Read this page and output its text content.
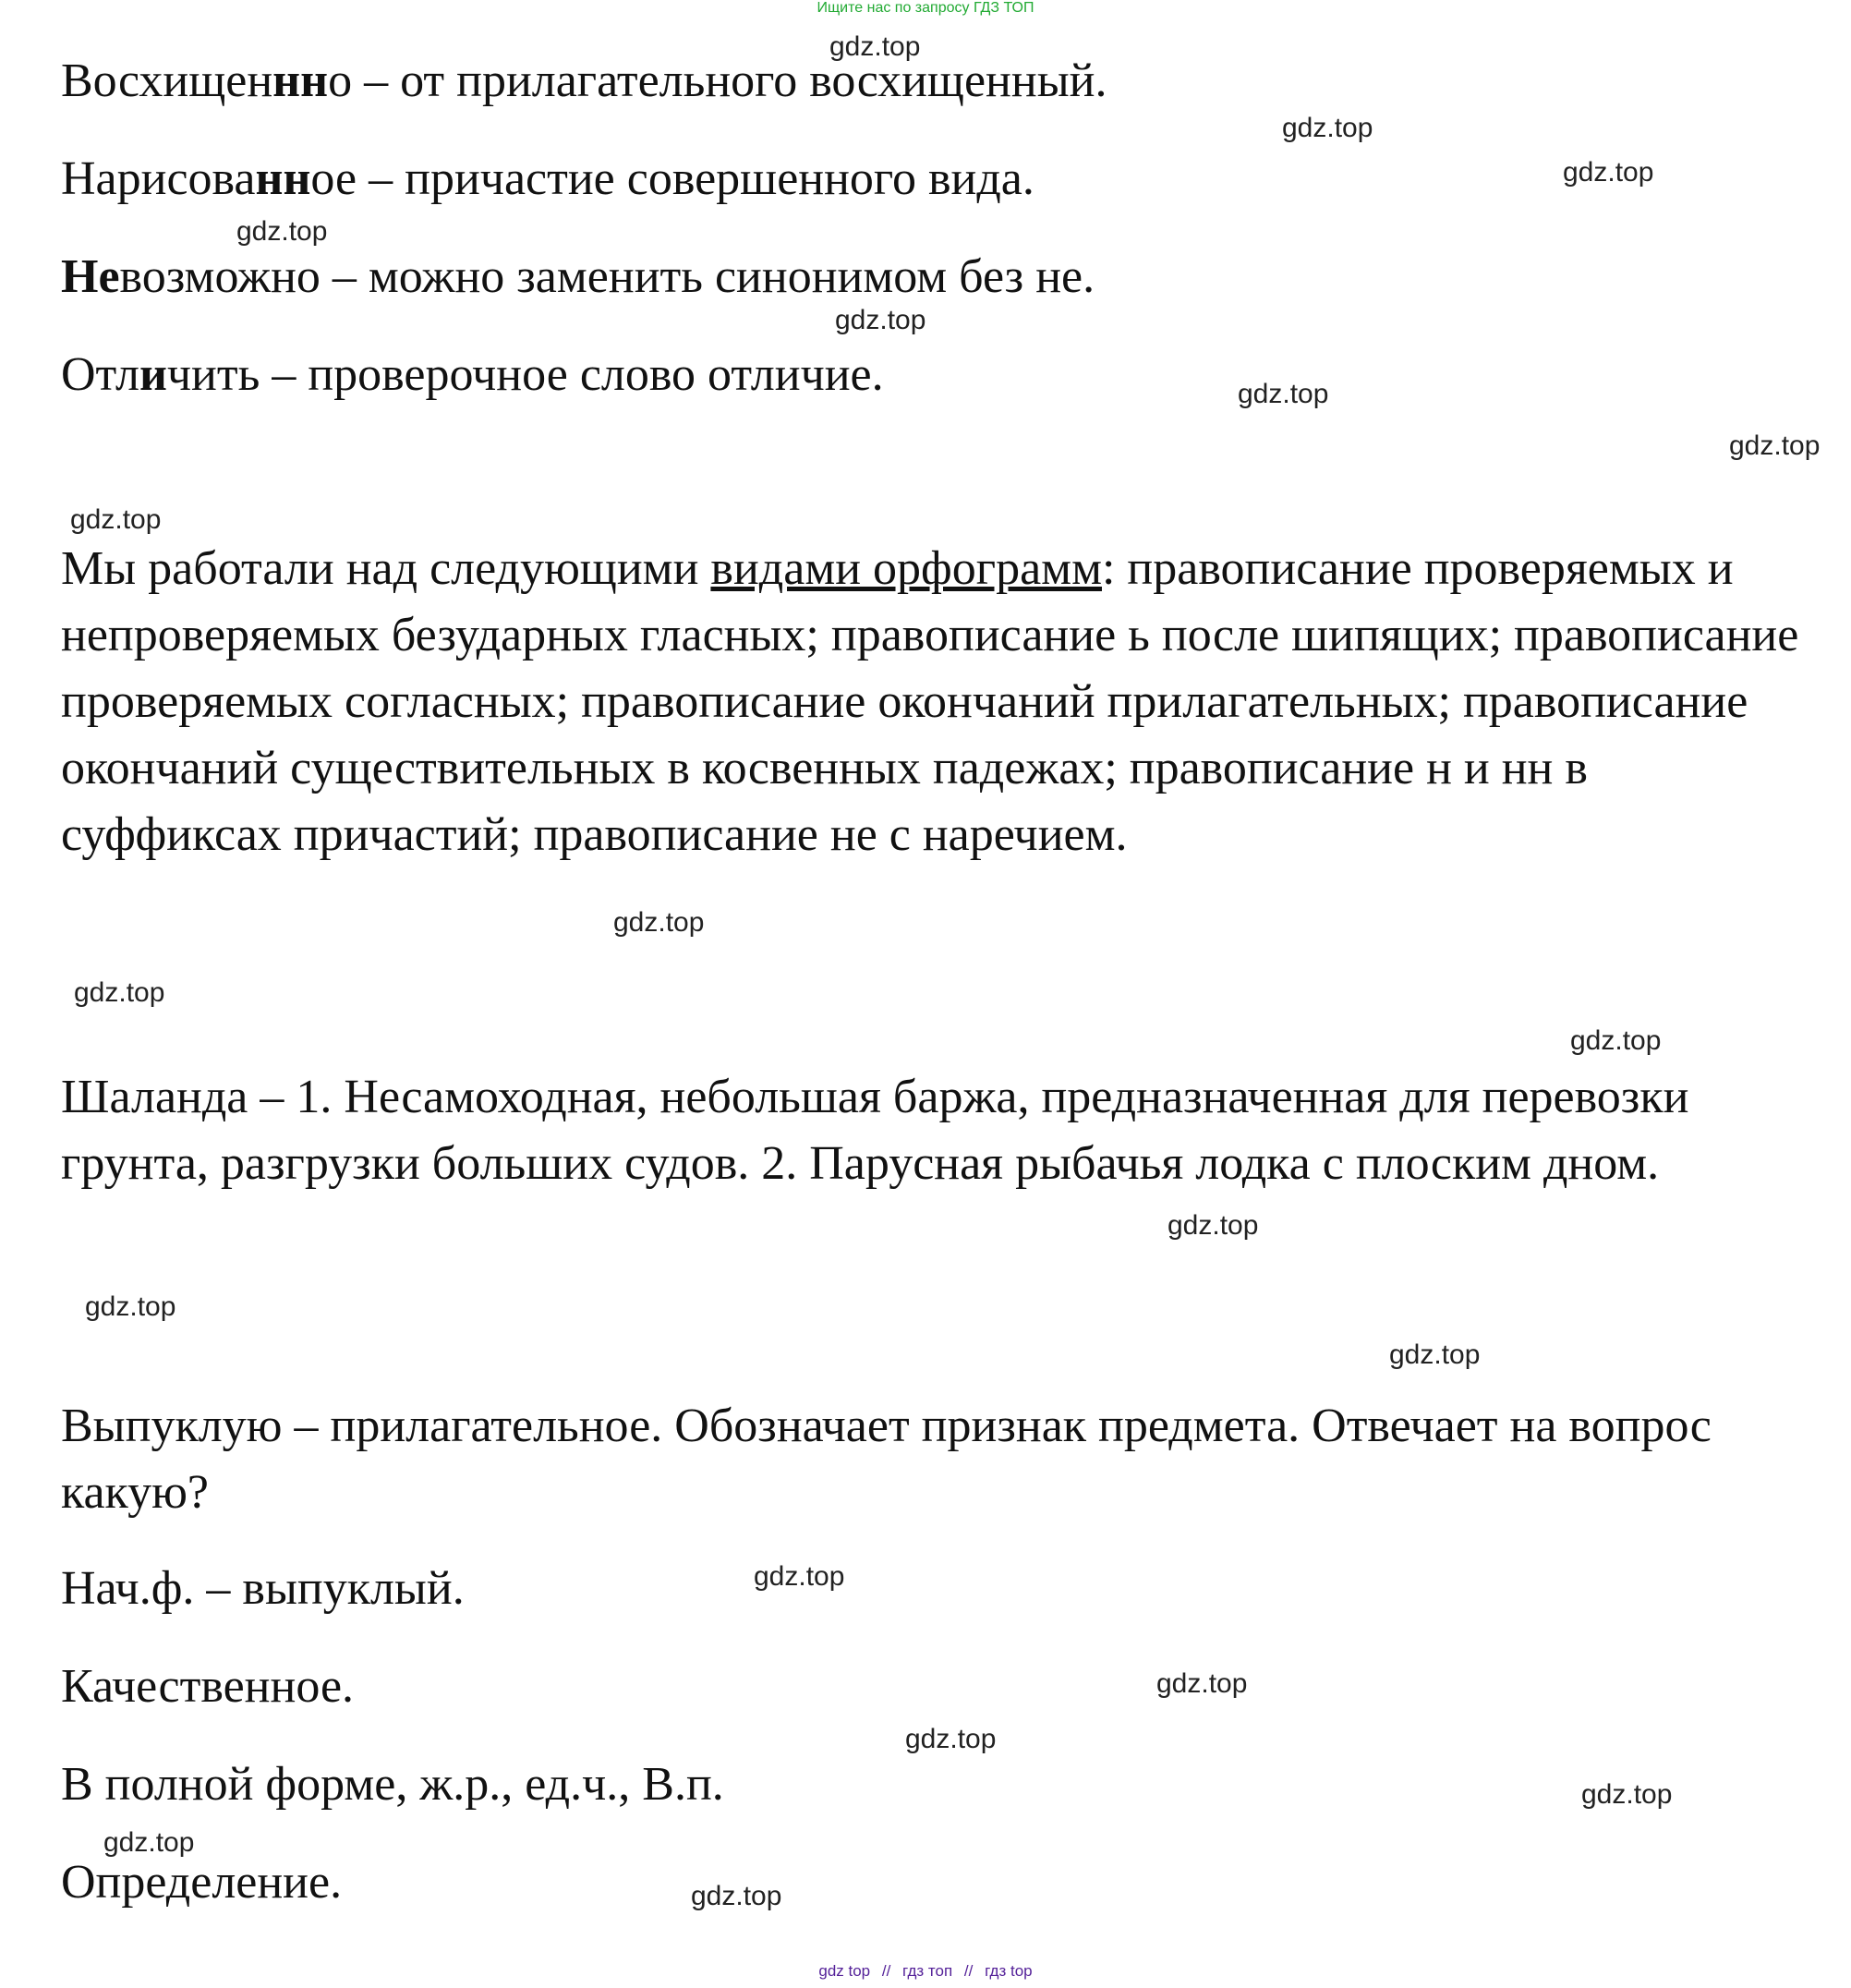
Ищите нас по запросу ГДЗ ТОП
Восхищеннно – от прилагательного восхищенный.
Нарисованное – причастие совершенного вида.
Невозможно – можно заменить синонимом без не.
Отличить – проверочное слово отличие.
Мы работали над следующими видами орфограмм: правописание проверяемых и непроверяемых безударных гласных; правописание ь после шипящих; правописание проверяемых согласных; правописание окончаний прилагательных; правописание окончаний существительных в косвенных падежах; правописание н и нн в суффиксах причастий; правописание не с наречием.
Шаланда – 1. Несамоходная, небольшая баржа, предназначенная для перевозки грунта, разгрузки больших судов. 2. Парусная рыбачья лодка с плоским дном.
Выпуклую – прилагательное. Обозначает признак предмета. Отвечает на вопрос какую?
Нач.ф. – выпуклый.
Качественное.
В полной форме, ж.р., ед.ч., В.п.
Определение.
gdz.top
gdz.top
gdz.top
gdz.top
gdz.top
gdz.top
gdz.top
gdz.top
gdz.top
gdz.top
gdz.top
gdz.top
gdz.top
gdz.top
gdz.top
gdz.top
gdz.top
gdz.top
gdz.top
gdz.top
gdz top // гдз топ // гдз top
